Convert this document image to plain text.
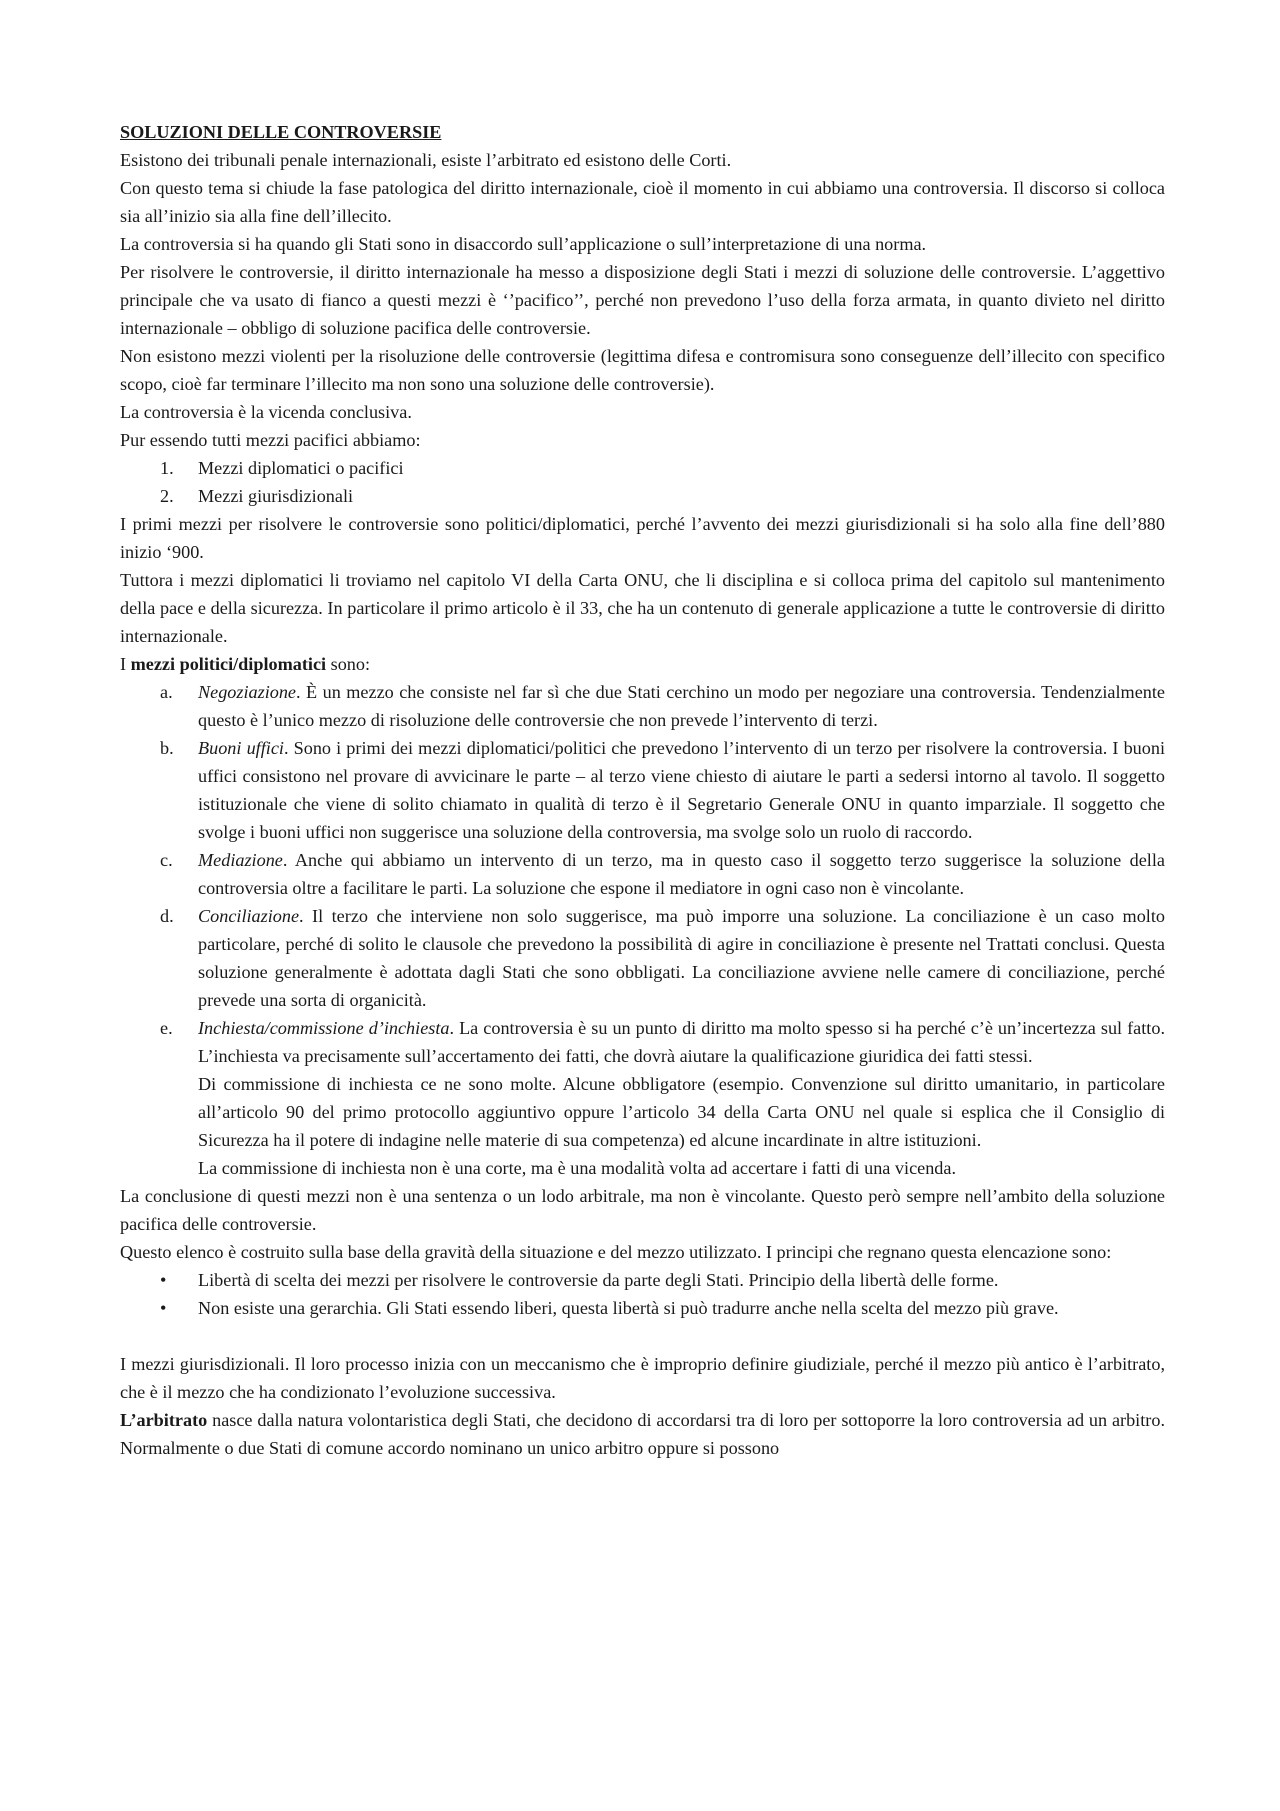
SOLUZIONI DELLE CONTROVERSIE

Esistono dei tribunali penale internazionali, esiste l’arbitrato ed esistono delle Corti.

Con questo tema si chiude la fase patologica del diritto internazionale, cioè il momento in cui abbiamo una controversia. Il discorso si colloca sia all’inizio sia alla fine dell’illecito.

La controversia si ha quando gli Stati sono in disaccordo sull’applicazione o sull’interpretazione di una norma.

Per risolvere le controversie, il diritto internazionale ha messo a disposizione degli Stati i mezzi di soluzione delle controversie. L’aggettivo principale che va usato di fianco a questi mezzi è ‘’pacifico’’, perché non prevedono l’uso della forza armata, in quanto divieto nel diritto internazionale – obbligo di soluzione pacifica delle controversie.

Non esistono mezzi violenti per la risoluzione delle controversie (legittima difesa e contromisura sono conseguenze dell’illecito con specifico scopo, cioè far terminare l’illecito ma non sono una soluzione delle controversie).

La controversia è la vicenda conclusiva.

Pur essendo tutti mezzi pacifici abbiamo:

1.	Mezzi diplomatici o pacifici
2.	Mezzi giurisdizionali

I primi mezzi per risolvere le controversie sono politici/diplomatici, perché l’avvento dei mezzi giurisdizionali si ha solo alla fine dell’880 inizio ‘900.

Tuttora i mezzi diplomatici li troviamo nel capitolo VI della Carta ONU, che li disciplina e si colloca prima del capitolo sul mantenimento della pace e della sicurezza. In particolare il primo articolo è il 33, che ha un contenuto di generale applicazione a tutte le controversie di diritto internazionale.

I mezzi politici/diplomatici sono:

a.	Negoziazione. È un mezzo che consiste nel far sì che due Stati cerchino un modo per negoziare una controversia. Tendenzialmente questo è l’unico mezzo di risoluzione delle controversie che non prevede l’intervento di terzi.
b.	Buoni uffici. Sono i primi dei mezzi diplomatici/politici che prevedono l’intervento di un terzo per risolvere la controversia. I buoni uffici consistono nel provare di avvicinare le parte – al terzo viene chiesto di aiutare le parti a sedersi intorno al tavolo. Il soggetto istituzionale che viene di solito chiamato in qualità di terzo è il Segretario Generale ONU in quanto imparziale. Il soggetto che svolge i buoni uffici non suggerisce una soluzione della controversia, ma svolge solo un ruolo di raccordo.
c.	Mediazione. Anche qui abbiamo un intervento di un terzo, ma in questo caso il soggetto terzo suggerisce la soluzione della controversia oltre a facilitare le parti. La soluzione che espone il mediatore in ogni caso non è vincolante.
d.	Conciliazione. Il terzo che interviene non solo suggerisce, ma può imporre una soluzione. La conciliazione è un caso molto particolare, perché di solito le clausole che prevedono la possibilità di agire in conciliazione è presente nel Trattati conclusi. Questa soluzione generalmente è adottata dagli Stati che sono obbligati. La conciliazione avviene nelle camere di conciliazione, perché prevede una sorta di organicità.
e.	Inchiesta/commissione d’inchiesta. La controversia è su un punto di diritto ma molto spesso si ha perché c’è un’incertezza sul fatto. L’inchiesta va precisamente sull’accertamento dei fatti, che dovrà aiutare la qualificazione giuridica dei fatti stessi.

Di commissione di inchiesta ce ne sono molte. Alcune obbligatore (esempio. Convenzione sul diritto umanitario, in particolare all’articolo 90 del primo protocollo aggiuntivo oppure l’articolo 34 della Carta ONU nel quale si esplica che il Consiglio di Sicurezza ha il potere di indagine nelle materie di sua competenza) ed alcune incardinate in altre istituzioni.

La commissione di inchiesta non è una corte, ma è una modalità volta ad accertare i fatti di una vicenda.

La conclusione di questi mezzi non è una sentenza o un lodo arbitrale, ma non è vincolante. Questo però sempre nell’ambito della soluzione pacifica delle controversie.

Questo elenco è costruito sulla base della gravità della situazione e del mezzo utilizzato. I principi che regnano questa elencazione sono:

•	Libertà di scelta dei mezzi per risolvere le controversie da parte degli Stati. Principio della libertà delle forme.
•	Non esiste una gerarchia. Gli Stati essendo liberi, questa libertà si può tradurre anche nella scelta del mezzo più grave.

I mezzi giurisdizionali. Il loro processo inizia con un meccanismo che è improprio definire giudiziale, perché il mezzo più antico è l’arbitrato, che è il mezzo che ha condizionato l’evoluzione successiva.

L’arbitrato nasce dalla natura volontaristica degli Stati, che decidono di accordarsi tra di loro per sottoporre la loro controversia ad un arbitro. Normalmente o due Stati di comune accordo nominano un unico arbitro oppure si possono
